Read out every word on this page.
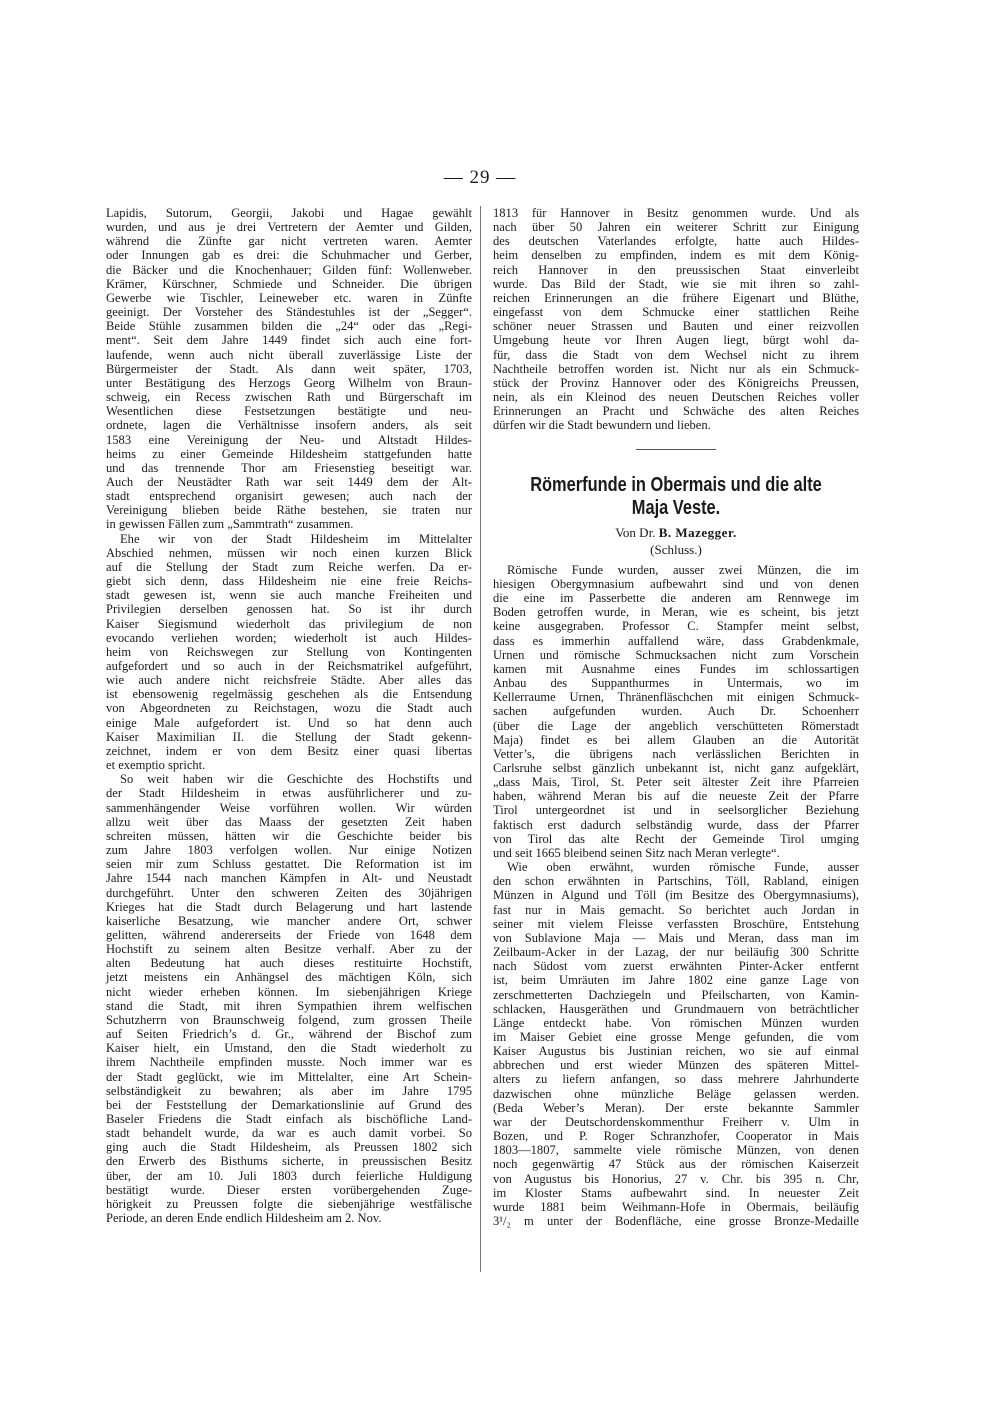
— 29 —

Lapidis, Sutorum, Georgii, Jakobi und Hagae gewählt

wurden, und aus je drei Vertretern der Aemter und Gilden,

während die Zünfte gar nicht vertreten waren. Aemter

oder Innungen gab es drei: die Schuhmacher und Gerber,

die Bäcker und die Knochenhauer; Gilden fünf: Wollenweber.

Krämer, Kürschner, Schmiede und Schneider. Die übrigen

Gewerbe wie Tischler, Leineweber etc. waren in Zünfte

geeinigt. Der Vorsteher des Ständestuhles ist der „Segger“.

Beide Stühle zusammen bilden die „24“ oder das „Regi-

ment“. Seit dem Jahre 1449 findet sich auch eine fort-

laufende, wenn auch nicht überall zuverlässige Liste der

Bürgermeister der Stadt. Als dann weit später, 1703,

unter Bestätigung des Herzogs Georg Wilhelm von Braun-

schweig, ein Recess zwischen Rath und Bürgerschaft im

Wesentlichen diese Festsetzungen bestätigte und neu-

ordnete, lagen die Verhältnisse insofern anders, als seit

1583 eine Vereinigung der Neu- und Altstadt Hildes-

heims zu einer Gemeinde Hildesheim stattgefunden hatte

und das trennende Thor am Friesenstieg beseitigt war.

Auch der Neustädter Rath war seit 1449 dem der Alt-

stadt entsprechend organisirt gewesen; auch nach der

Vereinigung blieben beide Räthe bestehen, sie traten nur

in gewissen Fällen zum „Sammtrath“ zusammen.

Ehe wir von der Stadt Hildesheim im Mittelalter

Abschied nehmen, müssen wir noch einen kurzen Blick

auf die Stellung der Stadt zum Reiche werfen. Da er-

giebt sich denn, dass Hildesheim nie eine freie Reichs-

stadt gewesen ist, wenn sie auch manche Freiheiten und

Privilegien derselben genossen hat. So ist ihr durch

Kaiser Siegismund wiederholt das privilegium de non

evocando verliehen worden; wiederholt ist auch Hildes-

heim von Reichswegen zur Stellung von Kontingenten

aufgefordert und so auch in der Reichsmatrikel aufgeführt,

wie auch andere nicht reichsfreie Städte. Aber alles das

ist ebensowenig regelmässig geschehen als die Entsendung

von Abgeordneten zu Reichstagen, wozu die Stadt auch

einige Male aufgefordert ist. Und so hat denn auch

Kaiser Maximilian II. die Stellung der Stadt gekenn-

zeichnet, indem er von dem Besitz einer quasi libertas

et exemptio spricht.

So weit haben wir die Geschichte des Hochstifts und

der Stadt Hildesheim in etwas ausführlicherer und zu-

sammenhängender Weise vorführen wollen. Wir würden

allzu weit über das Maass der gesetzten Zeit haben

schreiten müssen, hätten wir die Geschichte beider bis

zum Jahre 1803 verfolgen wollen. Nur einige Notizen

seien mir zum Schluss gestattet. Die Reformation ist im

Jahre 1544 nach manchen Kämpfen in Alt- und Neustadt

durchgeführt. Unter den schweren Zeiten des 30jährigen

Krieges hat die Stadt durch Belagerung und hart lastende

kaiserliche Besatzung, wie mancher andere Ort, schwer

gelitten, während andererseits der Friede von 1648 dem

Hochstift zu seinem alten Besitze verhalf. Aber zu der

alten Bedeutung hat auch dieses restituirte Hochstift,

jetzt meistens ein Anhängsel des mächtigen Köln, sich

nicht wieder erheben können. Im siebenjährigen Kriege

stand die Stadt, mit ihren Sympathien ihrem welfischen

Schutzherrn von Braunschweig folgend, zum grossen Theile

auf Seiten Friedrich’s d. Gr., während der Bischof zum

Kaiser hielt, ein Umstand, den die Stadt wiederholt zu

ihrem Nachtheile empfinden musste. Noch immer war es

der Stadt geglückt, wie im Mittelalter, eine Art Schein-

selbständigkeit zu bewahren; als aber im Jahre 1795

bei der Feststellung der Demarkationslinie auf Grund des

Baseler Friedens die Stadt einfach als bischöfliche Land-

stadt behandelt wurde, da war es auch damit vorbei. So

ging auch die Stadt Hildesheim, als Preussen 1802 sich

den Erwerb des Bisthums sicherte, in preussischen Besitz

über, der am 10. Juli 1803 durch feierliche Huldigung

bestätigt wurde. Dieser ersten vorübergehenden Zuge-

hörigkeit zu Preussen folgte die siebenjährige westfälische

Periode, an deren Ende endlich Hildesheim am 2. Nov.

1813 für Hannover in Besitz genommen wurde. Und als

nach über 50 Jahren ein weiterer Schritt zur Einigung

des deutschen Vaterlandes erfolgte, hatte auch Hildes-

heim denselben zu empfinden, indem es mit dem König-

reich Hannover in den preussischen Staat einverleibt

wurde. Das Bild der Stadt, wie sie mit ihren so zahl-

reichen Erinnerungen an die frühere Eigenart und Blüthe,

eingefasst von dem Schmucke einer stattlichen Reihe

schöner neuer Strassen und Bauten und einer reizvollen

Umgebung heute vor Ihren Augen liegt, bürgt wohl da-

für, dass die Stadt von dem Wechsel nicht zu ihrem

Nachtheile betroffen worden ist. Nicht nur als ein Schmuck-

stück der Provinz Hannover oder des Königreichs Preussen,

nein, als ein Kleinod des neuen Deutschen Reiches voller

Erinnerungen an Pracht und Schwäche des alten Reiches

dürfen wir die Stadt bewundern und lieben.

Römerfunde in Obermais und die alte
Maja Veste.
Von Dr. B. Mazegger.
(Schluss.)

Römische Funde wurden, ausser zwei Münzen, die im

hiesigen Obergymnasium aufbewahrt sind und von denen

die eine im Passerbette die anderen am Rennwege im

Boden getroffen wurde, in Meran, wie es scheint, bis jetzt

keine ausgegraben. Professor C. Stampfer meint selbst,

dass es immerhin auffallend wäre, dass Grabdenkmale,

Urnen und römische Schmucksachen nicht zum Vorschein

kamen mit Ausnahme eines Fundes im schlossartigen

Anbau des Suppanthurmes in Untermais, wo im

Kellerraume Urnen, Thränenfläschchen mit einigen Schmuck-

sachen aufgefunden wurden. Auch Dr. Schoenherr

(über die Lage der angeblich verschütteten Römerstadt

Maja) findet es bei allem Glauben an die Autorität

Vetter’s, die übrigens nach verlässlichen Berichten in

Carlsruhe selbst gänzlich unbekannt ist, nicht ganz aufgeklärt,

„dass Mais, Tirol, St. Peter seit ältester Zeit ihre Pfarreien

haben, während Meran bis auf die neueste Zeit der Pfarre

Tirol untergeordnet ist und in seelsorglicher Beziehung

faktisch erst dadurch selbständig wurde, dass der Pfarrer

von Tirol das alte Recht der Gemeinde Tirol umging

und seit 1665 bleibend seinen Sitz nach Meran verlegte“.

Wie oben erwähnt, wurden römische Funde, ausser

den schon erwähnten in Partschins, Töll, Rabland, einigen

Münzen in Algund und Töll (im Besitze des Obergymnasiums),

fast nur in Mais gemacht. So berichtet auch Jordan in

seiner mit vielem Fleisse verfassten Broschüre, Entstehung

von Sublavione Maja — Mais und Meran, dass man im

Zeilbaum-Acker in der Lazag, der nur beiläufig 300 Schritte

nach Südost vom zuerst erwähnten Pinter-Acker entfernt

ist, beim Umräuten im Jahre 1802 eine ganze Lage von

zerschmetterten Dachziegeln und Pfeilscharten, von Kamin-

schlacken, Hausgeräthen und Grundmauern von beträchtlicher

Länge entdeckt habe. Von römischen Münzen wurden

im Maiser Gebiet eine grosse Menge gefunden, die vom

Kaiser Augustus bis Justinian reichen, wo sie auf einmal

abbrechen und erst wieder Münzen des späteren Mittel-

alters zu liefern anfangen, so dass mehrere Jahrhunderte

dazwischen ohne münzliche Beläge gelassen werden.

(Beda Weber’s Meran). Der erste bekannte Sammler

war der Deutschordenskommenthur Freiherr v. Ulm in

Bozen, und P. Roger Schranzhofer, Cooperator in Mais

1803—1807, sammelte viele römische Münzen, von denen

noch gegenwärtig 47 Stück aus der römischen Kaiserzeit

von Augustus bis Honorius, 27 v. Chr. bis 395 n. Chr,

im Kloster Stams aufbewahrt sind. In neuester Zeit

wurde 1881 beim Weihmann-Hofe in Obermais, beiläufig

3¹/₂ m unter der Bodenfläche, eine grosse Bronze-Medaille
